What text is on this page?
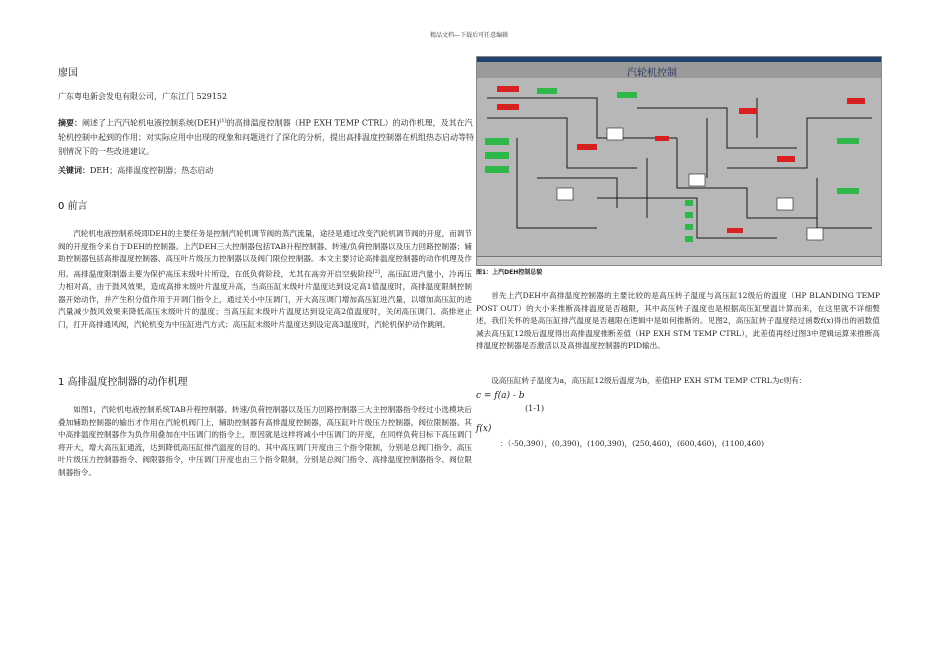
精品文档---下载后可任意编辑
廖国
广东粤电新会发电有限公司，广东江门 529152
摘要：阐述了上汽汽轮机电液控制系统(DEH)[1]的高排温度控制器（HP EXH TEMP CTRL）的动作机理，及其在汽轮机控制中起到的作用；对实际应用中出现的现象和问题进行了深化的分析，提出高排温度控制器在机组热态启动等特别情况下的一些改进建议。
关键词：DEH；高排温度控制器；热态启动
0 前言
汽轮机电液控制系统即DEH的主要任务是控制汽轮机调节阀的蒸汽流量，途径是通过改变汽轮机调节阀的开度，而调节阀的开度指令来自于DEH的控制器。上汽DEH三大控制器包括TAB升程控制器、转速/负荷控制器以及压力回路控制器；辅助控制器包括高排温度控制器、高压叶片级压力控制器以及阀门限位控制器。本文主要讨论高排温度控制器的动作机理及作用。高排温度限制器主要为保护高压末级叶片所设，在低负荷阶段，尤其在高旁开启空载阶段[2]，高压缸进汽量小，冷再压力相对高，由于鼓风效果，造成高排末级叶片温度升高，当高压缸末级叶片温度达到设定高1值温度时，高排温度限制控制器开始动作，并产生积分值作用于开调门指令上，通过关小中压调门，开大高压调门增加高压缸进汽量，以增加高压缸的进汽量减少鼓风效果来降低高压末级叶片的温度；当高压缸末级叶片温度达到设定高2值温度时，关闭高压调门、高排逆止门，打开高排通风阀，汽轮机变为中压缸进汽方式；高压缸末级叶片温度达到设定高3温度时，汽轮机保护动作跳闸。
1 高排温度控制器的动作机理
如图1，汽轮机电液控制系统TAB升程控制器、转速/负荷控制器以及压力回路控制器三大主控制器指令经过小选模块后叠加辅助控制器的输出才作用在汽轮机阀门上，辅助控制器有高排温度控制器，高压缸叶片级压力控制器，阀位限制器。其中高排温度控制器作为负作用叠加在中压调门的指令上，原因就是这样将减小中压调门的开度，在同样负荷目标下高压调门将开大，增大高压缸通流，达到降低高压缸排汽温度的目的。其中高压调门开度由三个指令限制，分别是总阀门指令、高压叶片级压力控制器指令、阀限器指令，中压调门开度也由三个指令限制，分别是总阀门指令、高排温度控制器指令、阀位限制器指令。
汽轮机控制
图1：上汽DEH控制总貌
首先上汽DEH中高排温度控制器的主要比较的是高压转子温度与高压缸12级后的温度（HP BLANDING TEMP POST OUT）的大小来推断高排温度是否越限，其中高压转子温度也是根据高压缸壁温计算而来，在这里就不详细赘述，我们关怀的是高压缸排汽温度是否越限在逻辑中是如何推断的。见图2，高压缸转子温度经过函数f(x)得出的函数值减去高压缸12级后温度得出高排温度推断差值（HP EXH STM TEMP CTRL），此差值再经过图3中逻辑运算来推断高排温度控制器是否激活以及高排温度控制器的PID输出。
设高压缸转子温度为a，高压缸12级后温度为b，差值HP EXH STM TEMP CTRL为c则有：
c = f(a) - b
(1-1)
f(x)
：（-50,390），(0,390)，(100,390)，(250,460)，(600,460)，(1100,460)
